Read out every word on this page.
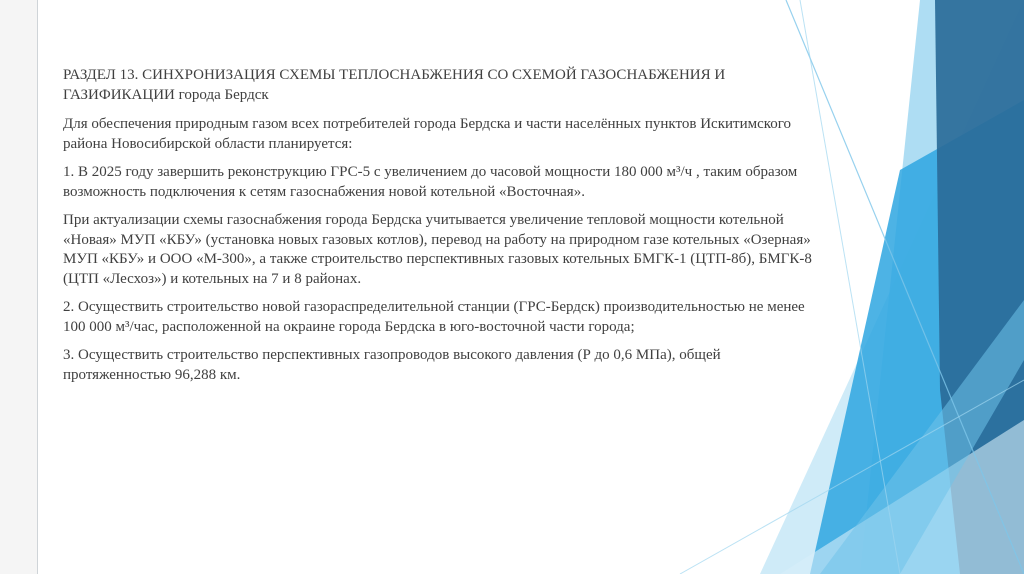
РАЗДЕЛ 13. СИНХРОНИЗАЦИЯ СХЕМЫ ТЕПЛОСНАБЖЕНИЯ СО СХЕМОЙ ГАЗОСНАБЖЕНИЯ И ГАЗИФИКАЦИИ города Бердск

Для обеспечения природным газом всех потребителей города Бердска и части населённых пунктов Искитимского района Новосибирской области планируется:

1. В 2025 году завершить реконструкцию ГРС-5 с увеличением до часовой мощности 180 000 м³/ч , таким образом возможность подключения к сетям газоснабжения новой котельной «Восточная».

При актуализации схемы газоснабжения города Бердска учитывается увеличение тепловой мощности котельной «Новая» МУП «КБУ» (установка новых газовых котлов), перевод на работу на природном газе котельных «Озерная» МУП «КБУ» и ООО «М-300», а также строительство перспективных газовых котельных БМГК-1 (ЦТП-8б), БМГК-8 (ЦТП «Лесхоз») и котельных на 7 и 8 районах.

2. Осуществить строительство новой газораспределительной станции (ГРС-Бердск) производительностью не менее 100 000 м³/час, расположенной на окраине города Бердска в юго-восточной части города;

3. Осуществить строительство перспективных газопроводов высокого давления (Р до 0,6 МПа), общей протяженностью 96,288 км.
